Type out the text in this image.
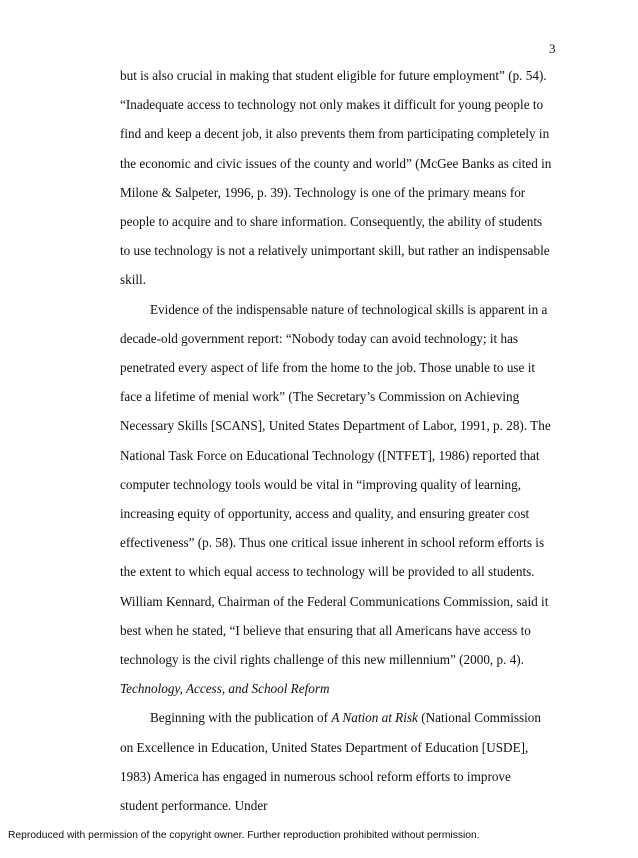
3

but is also crucial in making that student eligible for future employment” (p. 54). “Inadequate access to technology not only makes it difficult for young people to find and keep a decent job, it also prevents them from participating completely in the economic and civic issues of the county and world” (McGee Banks as cited in Milone & Salpeter, 1996, p. 39). Technology is one of the primary means for people to acquire and to share information. Consequently, the ability of students to use technology is not a relatively unimportant skill, but rather an indispensable skill.

Evidence of the indispensable nature of technological skills is apparent in a decade-old government report: “Nobody today can avoid technology; it has penetrated every aspect of life from the home to the job. Those unable to use it face a lifetime of menial work” (The Secretary’s Commission on Achieving Necessary Skills [SCANS], United States Department of Labor, 1991, p. 28). The National Task Force on Educational Technology ([NTFET], 1986) reported that computer technology tools would be vital in “improving quality of learning, increasing equity of opportunity, access and quality, and ensuring greater cost effectiveness” (p. 58). Thus one critical issue inherent in school reform efforts is the extent to which equal access to technology will be provided to all students. William Kennard, Chairman of the Federal Communications Commission, said it best when he stated, “I believe that ensuring that all Americans have access to technology is the civil rights challenge of this new millennium” (2000, p. 4).

Technology, Access, and School Reform

Beginning with the publication of A Nation at Risk (National Commission on Excellence in Education, United States Department of Education [USDE], 1983) America has engaged in numerous school reform efforts to improve student performance. Under

Reproduced with permission of the copyright owner. Further reproduction prohibited without permission.
